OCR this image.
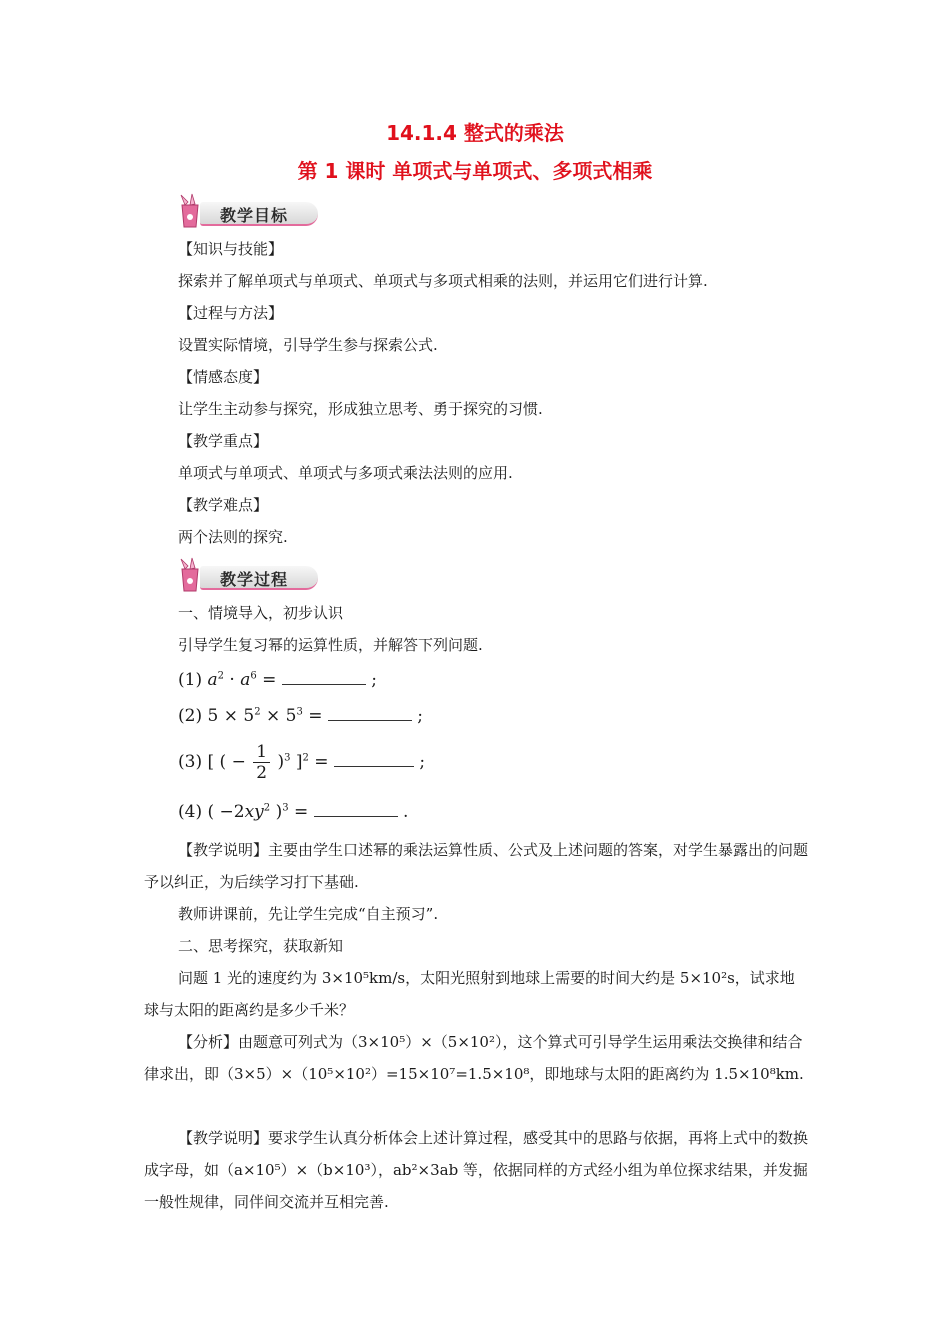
14.1.4 整式的乘法
第 1 课时 单项式与单项式、多项式相乘
教学目标
【知识与技能】
探索并了解单项式与单项式、单项式与多项式相乘的法则，并运用它们进行计算.
【过程与方法】
设置实际情境，引导学生参与探索公式.
【情感态度】
让学生主动参与探究，形成独立思考、勇于探究的习惯.
【教学重点】
单项式与单项式、单项式与多项式乘法法则的应用.
【教学难点】
两个法则的探究.
教学过程
一、情境导入，初步认识
引导学生复习幂的运算性质，并解答下列问题.
(1) $a^2 \cdot a^6$ =	;
(2) $5 \times 5^2 \times 5^3$ =	;
(3) [ ( − $\frac{1}{2} )^3$ ]$^2$ =	;
(4) ( $-2xy^2$ )$^3$ =	.
【教学说明】主要由学生口述幂的乘法运算性质、公式及上述问题的答案，对学生暴露出的问题予以纠正，为后续学习打下基础.
教师讲课前，先让学生完成“自主预习”.
二、思考探究，获取新知
问题 1 光的速度约为 3×10⁵km/s，太阳光照射到地球上需要的时间大约是 5×10²s，试求地球与太阳的距离约是多少千米？
【分析】由题意可列式为（3×10⁵）×（5×10²），这个算式可引导学生运用乘法交换律和结合律求出，即（3×5）×（10⁵×10²）=15×10⁷=1.5×10⁸，即地球与太阳的距离约为 1.5×10⁸km.
【教学说明】要求学生认真分析体会上述计算过程，感受其中的思路与依据，再将上式中的数换成字母，如（a×10⁵）×（b×10³），ab²×3ab 等，依据同样的方式经小组为单位探求结果，并发掘一般性规律，同伴间交流并互相完善.
